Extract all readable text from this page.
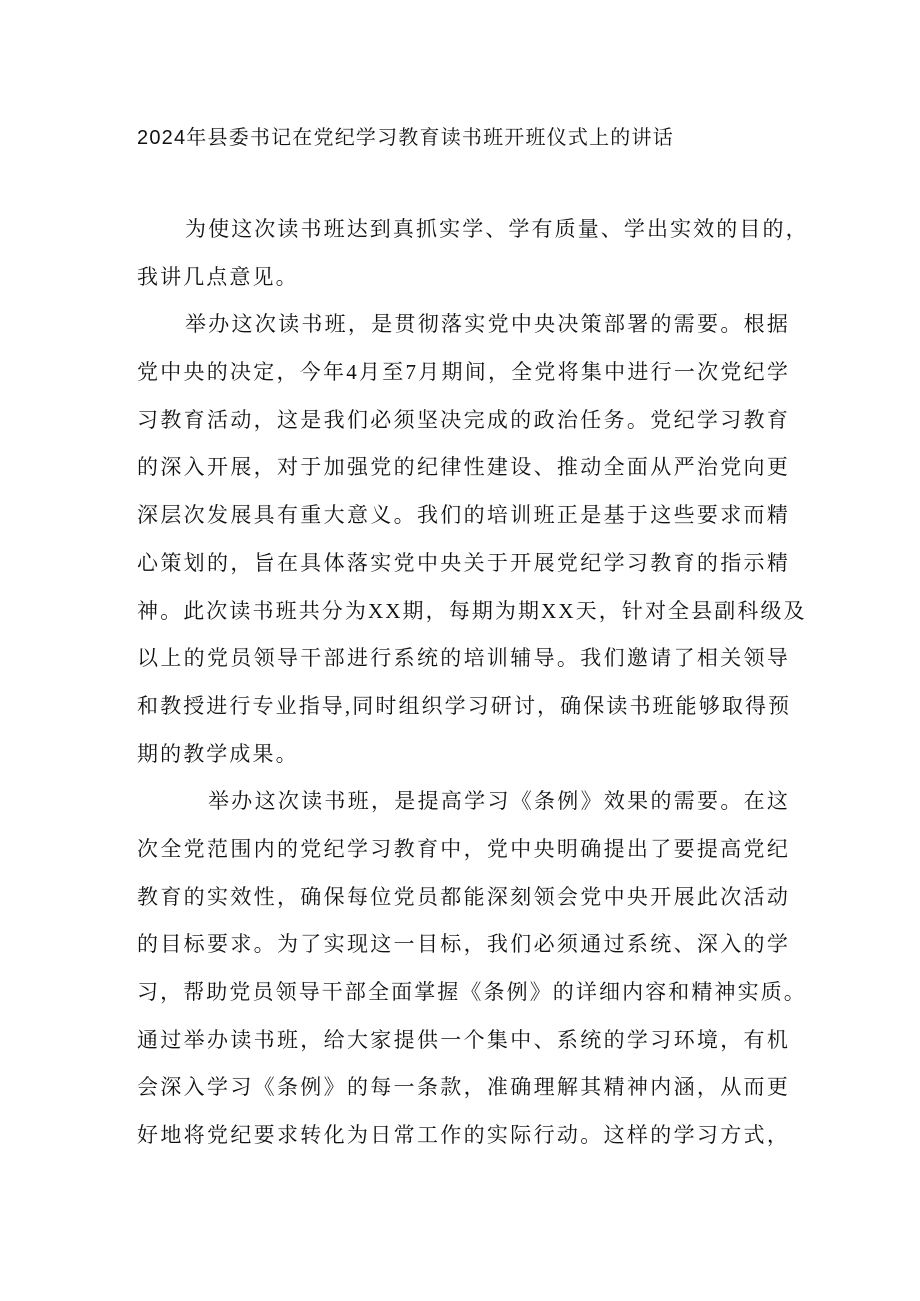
2024年县委书记在党纪学习教育读书班开班仪式上的讲话
为使这次读书班达到真抓实学、学有质量、学出实效的目的，
我讲几点意见。
举办这次读书班，是贯彻落实党中央决策部署的需要。根据
党中央的决定，今年4月至7月期间，全党将集中进行一次党纪学
习教育活动，这是我们必须坚决完成的政治任务。党纪学习教育
的深入开展，对于加强党的纪律性建设、推动全面从严治党向更
深层次发展具有重大意义。我们的培训班正是基于这些要求而精
心策划的，旨在具体落实党中央关于开展党纪学习教育的指示精
神。此次读书班共分为XX期，每期为期XX天，针对全县副科级及
以上的党员领导干部进行系统的培训辅导。我们邀请了相关领导
和教授进行专业指导,同时组织学习研讨，确保读书班能够取得预
期的教学成果。
举办这次读书班，是提高学习《条例》效果的需要。在这
次全党范围内的党纪学习教育中，党中央明确提出了要提高党纪
教育的实效性，确保每位党员都能深刻领会党中央开展此次活动
的目标要求。为了实现这一目标，我们必须通过系统、深入的学
习，帮助党员领导干部全面掌握《条例》的详细内容和精神实质。
通过举办读书班，给大家提供一个集中、系统的学习环境，有机
会深入学习《条例》的每一条款，准确理解其精神内涵，从而更
好地将党纪要求转化为日常工作的实际行动。这样的学习方式，
